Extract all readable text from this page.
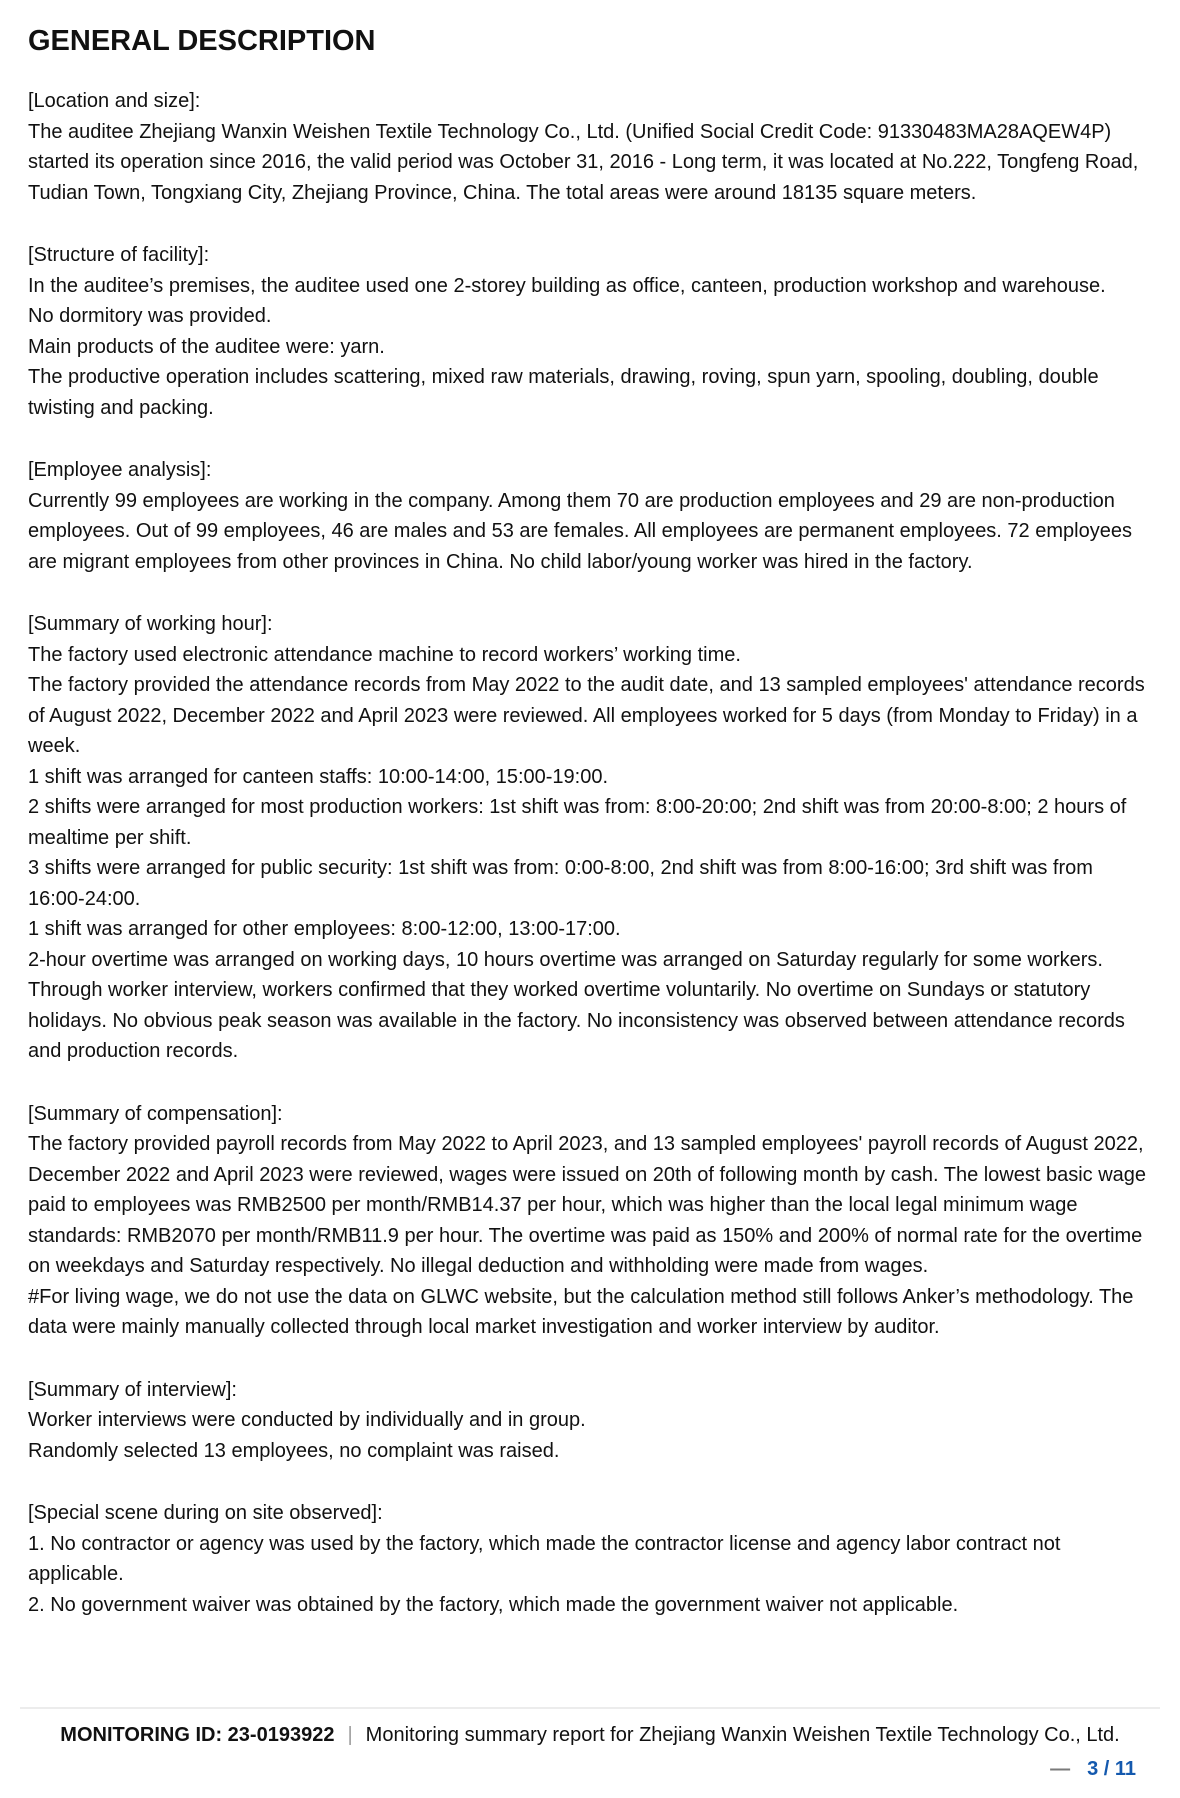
GENERAL DESCRIPTION
[Location and size]:

The auditee Zhejiang Wanxin Weishen Textile Technology Co., Ltd. (Unified Social Credit Code: 91330483MA28AQEW4P) started its operation since 2016, the valid period was October 31, 2016 - Long term, it was located at No.222, Tongfeng Road, Tudian Town, Tongxiang City, Zhejiang Province, China. The total areas were around 18135 square meters.

[Structure of facility]:

In the auditee’s premises, the auditee used one 2-storey building as office, canteen, production workshop and warehouse.

No dormitory was provided.

Main products of the auditee were: yarn.

The productive operation includes scattering, mixed raw materials, drawing, roving, spun yarn, spooling, doubling, double twisting and packing.

[Employee analysis]:

Currently 99 employees are working in the company. Among them 70 are production employees and 29 are non-production employees. Out of 99 employees, 46 are males and 53 are females. All employees are permanent employees. 72 employees are migrant employees from other provinces in China. No child labor/young worker was hired in the factory.

[Summary of working hour]:

The factory used electronic attendance machine to record workers’ working time.

The factory provided the attendance records from May 2022 to the audit date, and 13 sampled employees' attendance records of August 2022, December 2022 and April 2023 were reviewed. All employees worked for 5 days (from Monday to Friday) in a week.

1 shift was arranged for canteen staffs: 10:00-14:00, 15:00-19:00.

2 shifts were arranged for most production workers: 1st shift was from: 8:00-20:00; 2nd shift was from 20:00-8:00; 2 hours of mealtime per shift.

3 shifts were arranged for public security: 1st shift was from: 0:00-8:00, 2nd shift was from 8:00-16:00; 3rd shift was from 16:00-24:00.

1 shift was arranged for other employees: 8:00-12:00, 13:00-17:00.

2-hour overtime was arranged on working days, 10 hours overtime was arranged on Saturday regularly for some workers. Through worker interview, workers confirmed that they worked overtime voluntarily. No overtime on Sundays or statutory holidays. No obvious peak season was available in the factory. No inconsistency was observed between attendance records and production records.

[Summary of compensation]:

The factory provided payroll records from May 2022 to April 2023, and 13 sampled employees' payroll records of August 2022, December 2022 and April 2023 were reviewed, wages were issued on 20th of following month by cash. The lowest basic wage paid to employees was RMB2500 per month/RMB14.37 per hour, which was higher than the local legal minimum wage standards: RMB2070 per month/RMB11.9 per hour. The overtime was paid as 150% and 200% of normal rate for the overtime on weekdays and Saturday respectively. No illegal deduction and withholding were made from wages.

#For living wage, we do not use the data on GLWC website, but the calculation method still follows Anker’s methodology. The data were mainly manually collected through local market investigation and worker interview by auditor.

[Summary of interview]:

Worker interviews were conducted by individually and in group.

Randomly selected 13 employees, no complaint was raised.

[Special scene during on site observed]:

1. No contractor or agency was used by the factory, which made the contractor license and agency labor contract not applicable.

2. No government waiver was obtained by the factory, which made the government waiver not applicable.

MONITORING ID: 23-0193922 | Monitoring summary report for Zhejiang Wanxin Weishen Textile Technology Co., Ltd.
— 3 / 11
